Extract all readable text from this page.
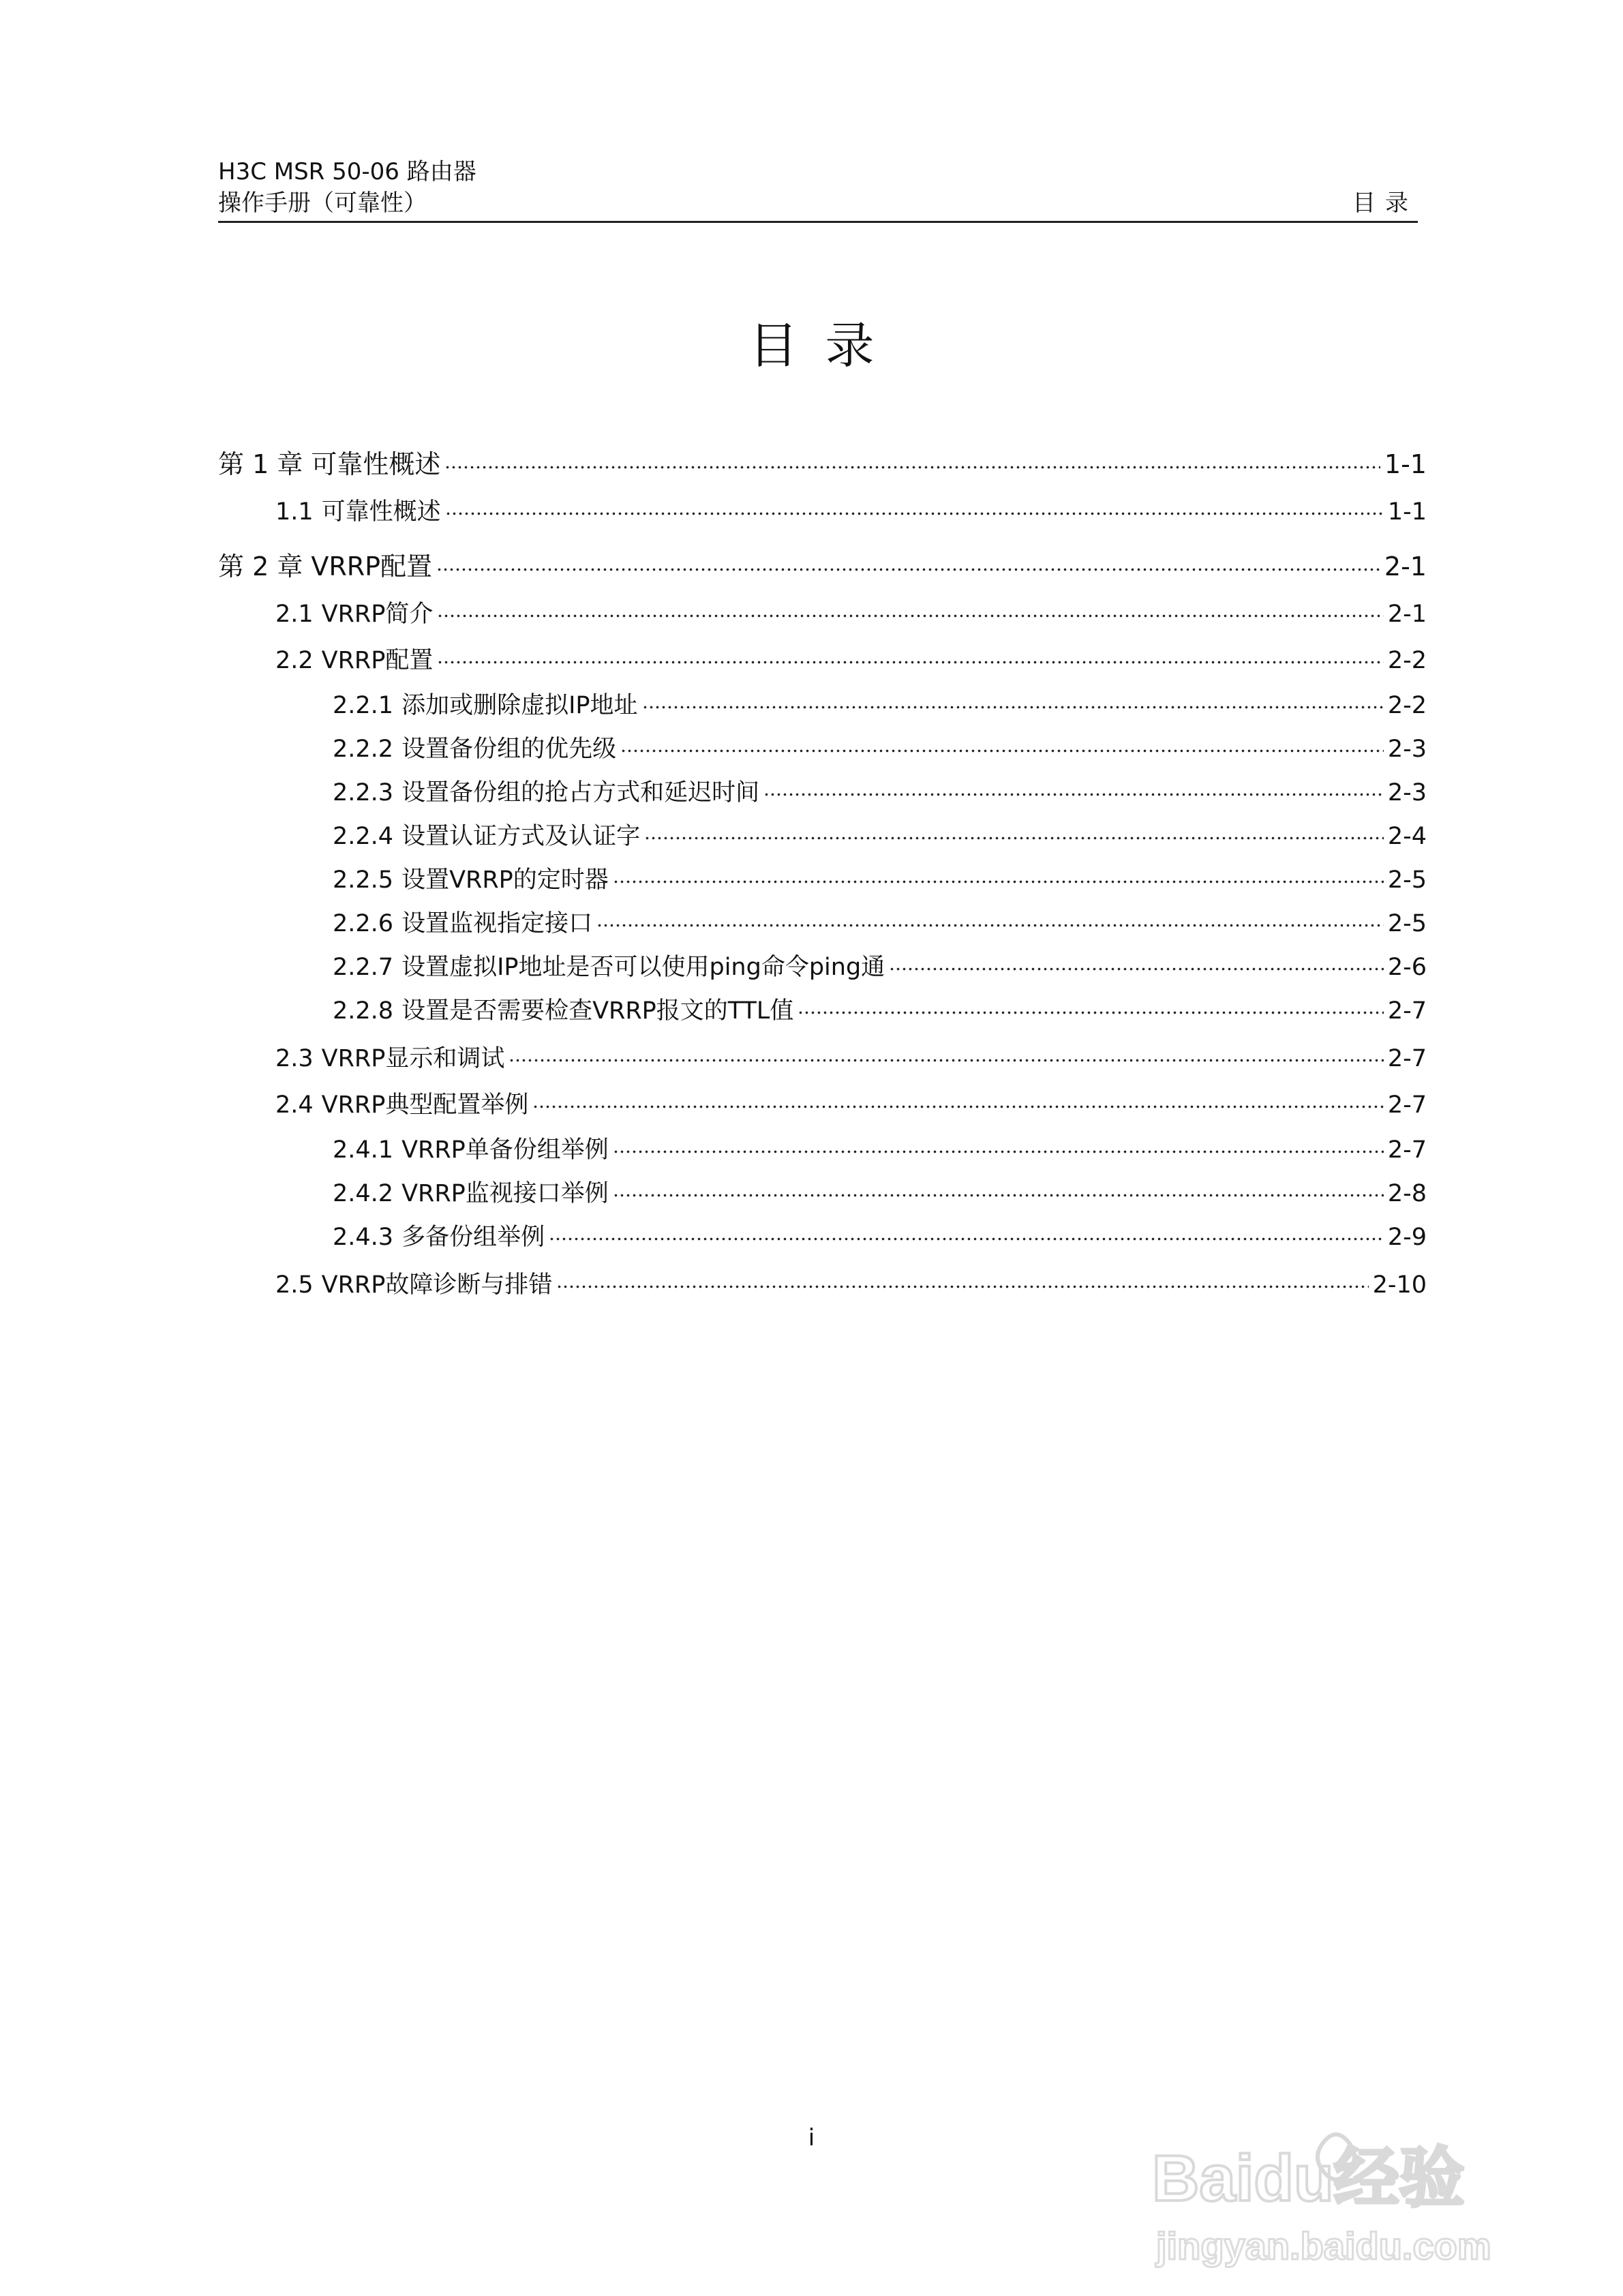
H3C MSR 50-06 路由器
操作手册（可靠性）	目录
目录
第 1 章 可靠性概述	1-1
1.1 可靠性概述	1-1
第 2 章 VRRP配置	2-1
2.1 VRRP简介	2-1
2.2 VRRP配置	2-2
2.2.1 添加或删除虚拟IP地址	2-2
2.2.2 设置备份组的优先级	2-3
2.2.3 设置备份组的抢占方式和延迟时间	2-3
2.2.4 设置认证方式及认证字	2-4
2.2.5 设置VRRP的定时器	2-5
2.2.6 设置监视指定接口	2-5
2.2.7 设置虚拟IP地址是否可以使用ping命令ping通	2-6
2.2.8 设置是否需要检查VRRP报文的TTL值	2-7
2.3 VRRP显示和调试	2-7
2.4 VRRP典型配置举例	2-7
2.4.1 VRRP单备份组举例	2-7
2.4.2 VRRP监视接口举例	2-8
2.4.3 多备份组举例	2-9
2.5 VRRP故障诊断与排错	2-10
i
Baidu经验
jingyan.baidu.com
